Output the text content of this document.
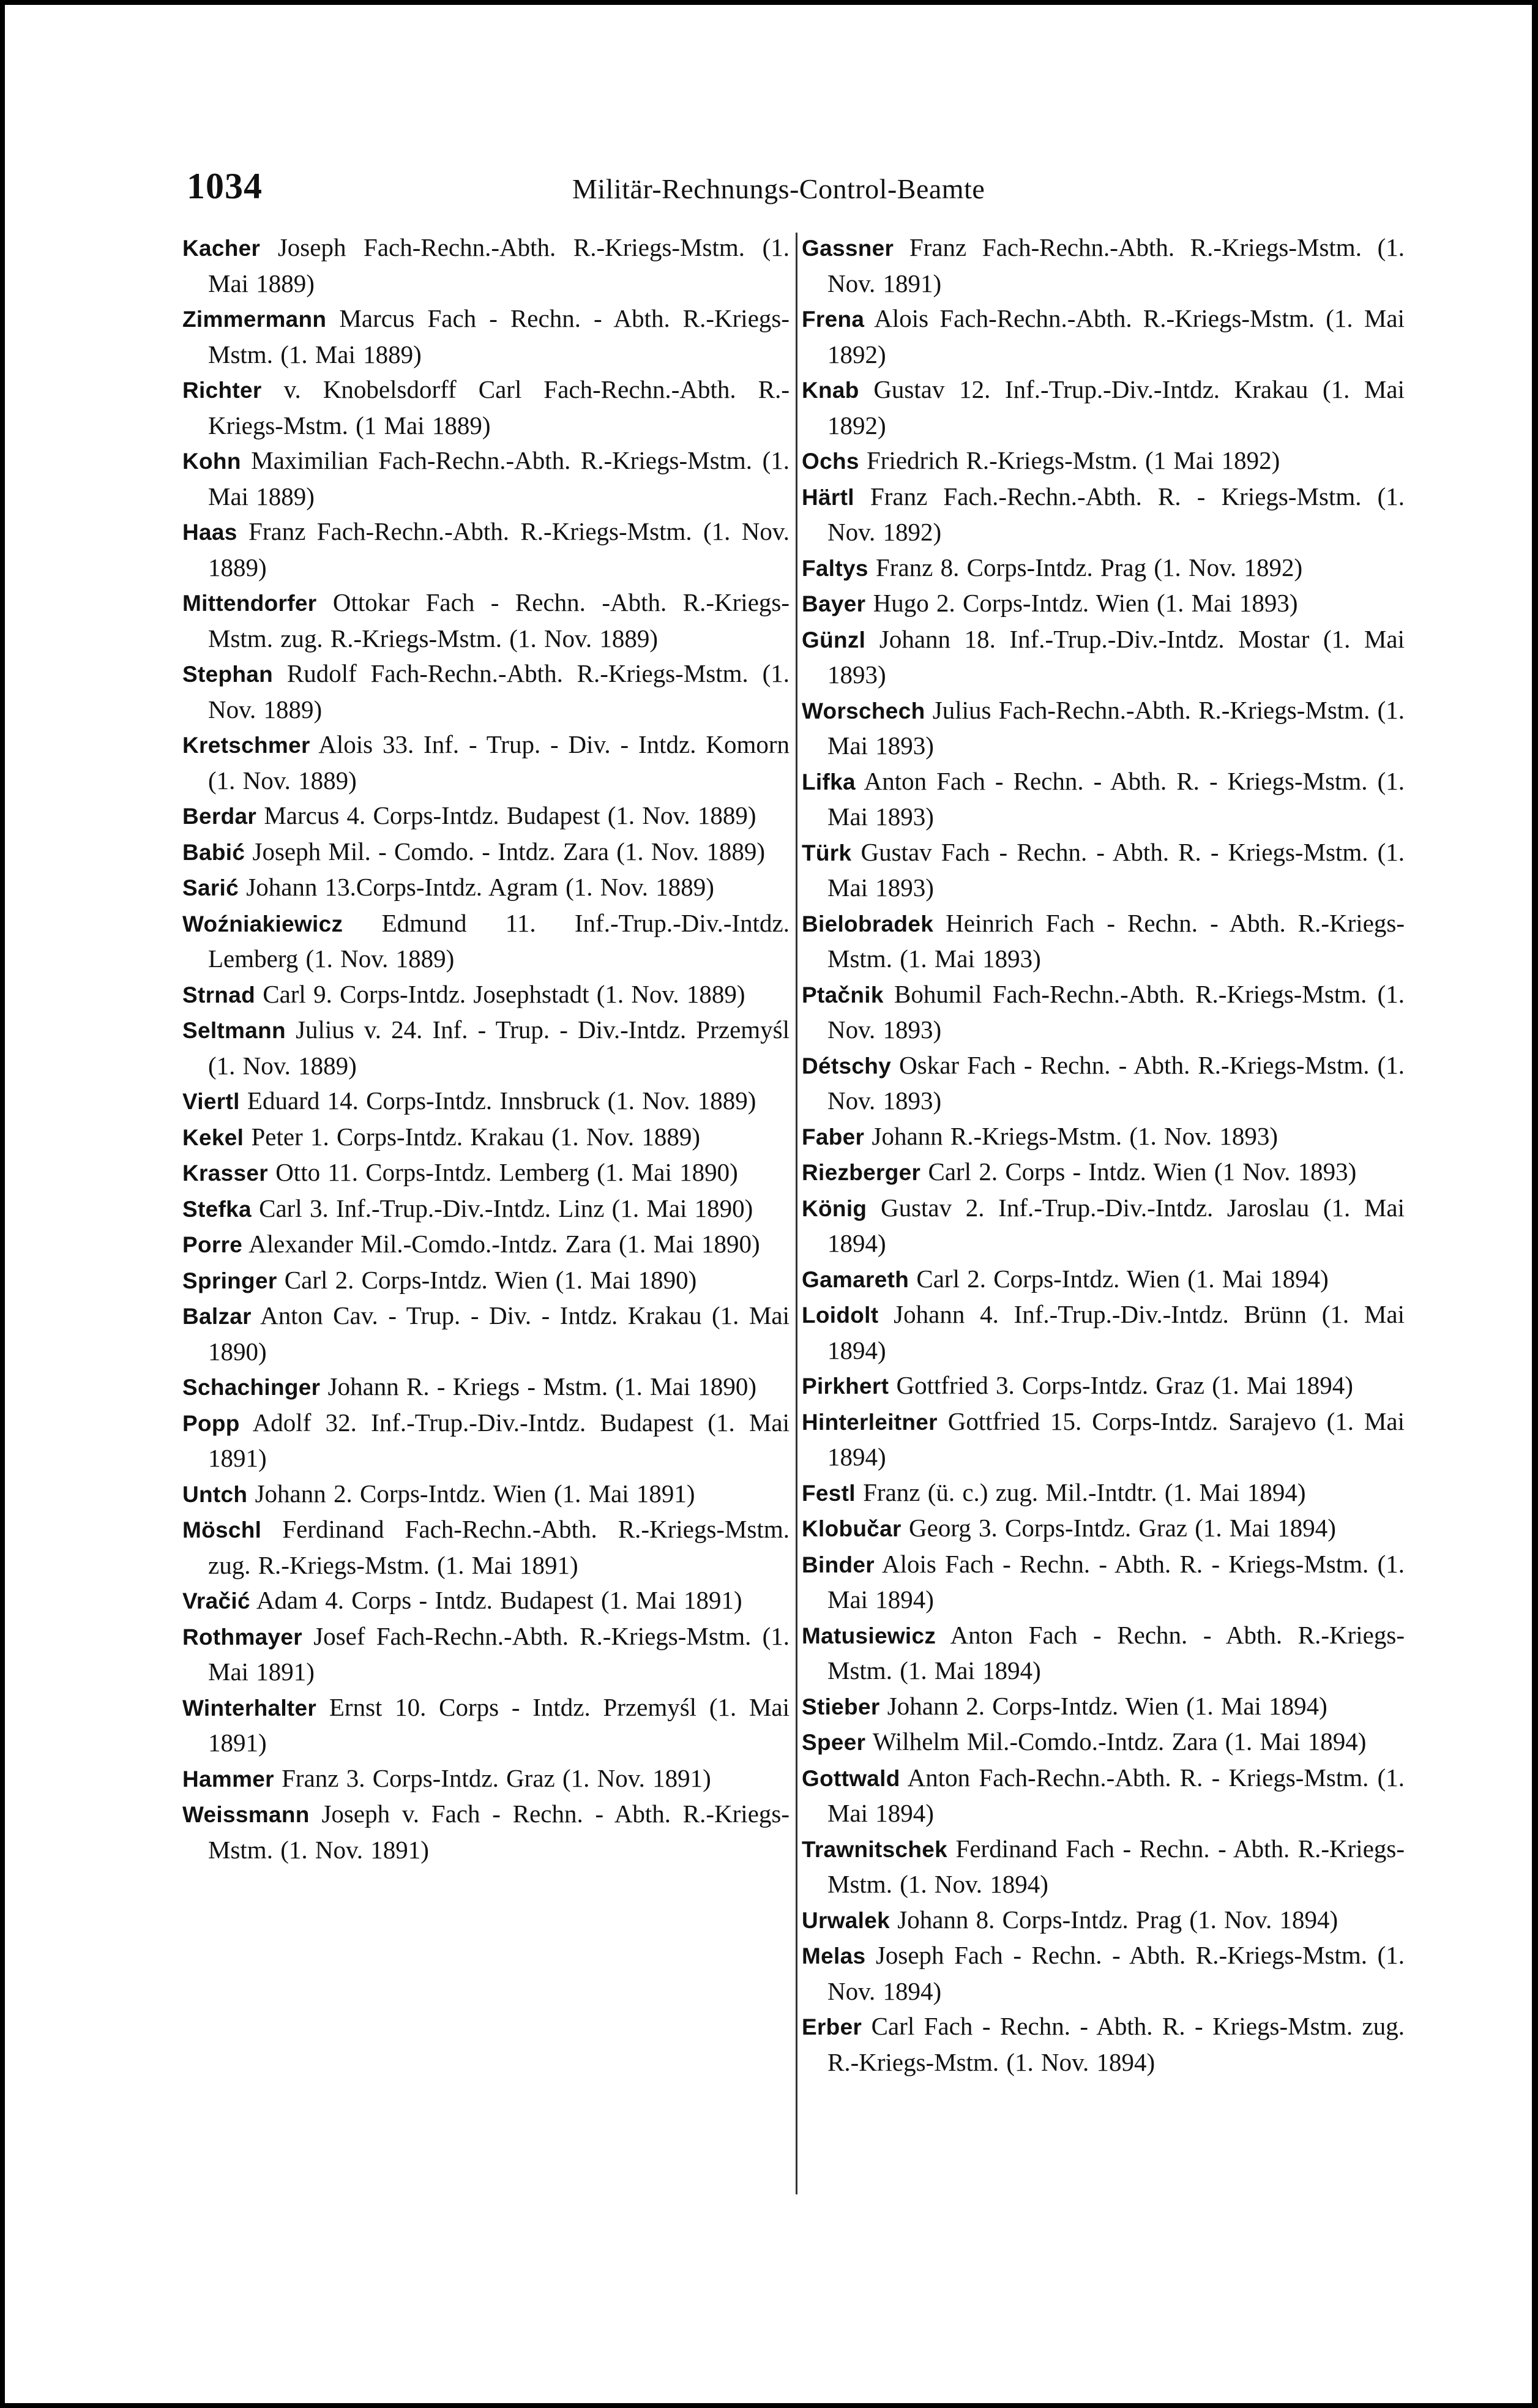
1034	Militär-Rechnungs-Control-Beamte
Kacher Joseph Fach-Rechn.-Abth. R.-Kriegs-Mstm. (1. Mai 1889)
Zimmermann Marcus Fach - Rechn. - Abth. R.-Kriegs-Mstm. (1. Mai 1889)
Richter v. Knobelsdorff Carl Fach-Rechn.-Abth. R.-Kriegs-Mstm. (1 Mai 1889)
Kohn Maximilian Fach-Rechn.-Abth. R.-Kriegs-Mstm. (1. Mai 1889)
Haas Franz Fach-Rechn.-Abth. R.-Kriegs-Mstm. (1. Nov. 1889)
Mittendorfer Ottokar Fach - Rechn. -Abth. R.-Kriegs-Mstm. zug. R.-Kriegs-Mstm. (1. Nov. 1889)
Stephan Rudolf Fach-Rechn.-Abth. R.-Kriegs-Mstm. (1. Nov. 1889)
Kretschmer Alois 33. Inf. - Trup. - Div. - Intdz. Komorn (1. Nov. 1889)
Berdar Marcus 4. Corps-Intdz. Budapest (1. Nov. 1889)
Babić Joseph Mil. - Comdo. - Intdz. Zara (1. Nov. 1889)
Sarić Johann 13.Corps-Intdz. Agram (1. Nov. 1889)
Woźniakiewicz Edmund 11. Inf.-Trup.-Div.-Intdz. Lemberg (1. Nov. 1889)
Strnad Carl 9. Corps-Intdz. Josephstadt (1. Nov. 1889)
Seltmann Julius v. 24. Inf. - Trup. - Div.-Intdz. Przemyśl (1. Nov. 1889)
Viertl Eduard 14. Corps-Intdz. Innsbruck (1. Nov. 1889)
Kekel Peter 1. Corps-Intdz. Krakau (1. Nov. 1889)
Krasser Otto 11. Corps-Intdz. Lemberg (1. Mai 1890)
Stefka Carl 3. Inf.-Trup.-Div.-Intdz. Linz (1. Mai 1890)
Porre Alexander Mil.-Comdo.-Intdz. Zara (1. Mai 1890)
Springer Carl 2. Corps-Intdz. Wien (1. Mai 1890)
Balzar Anton Cav. - Trup. - Div. - Intdz. Krakau (1. Mai 1890)
Schachinger Johann R. - Kriegs - Mstm. (1. Mai 1890)
Popp Adolf 32. Inf.-Trup.-Div.-Intdz. Budapest (1. Mai 1891)
Untch Johann 2. Corps-Intdz. Wien (1. Mai 1891)
Möschl Ferdinand Fach-Rechn.-Abth. R.-Kriegs-Mstm. zug. R.-Kriegs-Mstm. (1. Mai 1891)
Vračić Adam 4. Corps - Intdz. Budapest (1. Mai 1891)
Rothmayer Josef Fach-Rechn.-Abth. R.-Kriegs-Mstm. (1. Mai 1891)
Winterhalter Ernst 10. Corps - Intdz. Przemyśl (1. Mai 1891)
Hammer Franz 3. Corps-Intdz. Graz (1. Nov. 1891)
Weissmann Joseph v. Fach - Rechn. - Abth. R.-Kriegs-Mstm. (1. Nov. 1891)
Gassner Franz Fach-Rechn.-Abth. R.-Kriegs-Mstm. (1. Nov. 1891)
Frena Alois Fach-Rechn.-Abth. R.-Kriegs-Mstm. (1. Mai 1892)
Knab Gustav 12. Inf.-Trup.-Div.-Intdz. Krakau (1. Mai 1892)
Ochs Friedrich R.-Kriegs-Mstm. (1 Mai 1892)
Härtl Franz Fach.-Rechn.-Abth. R. - Kriegs-Mstm. (1. Nov. 1892)
Faltys Franz 8. Corps-Intdz. Prag (1. Nov. 1892)
Bayer Hugo 2. Corps-Intdz. Wien (1. Mai 1893)
Günzl Johann 18. Inf.-Trup.-Div.-Intdz. Mostar (1. Mai 1893)
Worschech Julius Fach-Rechn.-Abth. R.-Kriegs-Mstm. (1. Mai 1893)
Lifka Anton Fach - Rechn. - Abth. R. - Kriegs-Mstm. (1. Mai 1893)
Türk Gustav Fach - Rechn. - Abth. R. - Kriegs-Mstm. (1. Mai 1893)
Bielobradek Heinrich Fach - Rechn. - Abth. R.-Kriegs-Mstm. (1. Mai 1893)
Ptačnik Bohumil Fach-Rechn.-Abth. R.-Kriegs-Mstm. (1. Nov. 1893)
Détschy Oskar Fach - Rechn. - Abth. R.-Kriegs-Mstm. (1. Nov. 1893)
Faber Johann R.-Kriegs-Mstm. (1. Nov. 1893)
Riezberger Carl 2. Corps - Intdz. Wien (1 Nov. 1893)
König Gustav 2. Inf.-Trup.-Div.-Intdz. Jaroslau (1. Mai 1894)
Gamareth Carl 2. Corps-Intdz. Wien (1. Mai 1894)
Loidolt Johann 4. Inf.-Trup.-Div.-Intdz. Brünn (1. Mai 1894)
Pirkhert Gottfried 3. Corps-Intdz. Graz (1. Mai 1894)
Hinterleitner Gottfried 15. Corps-Intdz. Sarajevo (1. Mai 1894)
Festl Franz (ü. c.) zug. Mil.-Intdtr. (1. Mai 1894)
Klobučar Georg 3. Corps-Intdz. Graz (1. Mai 1894)
Binder Alois Fach - Rechn. - Abth. R. - Kriegs-Mstm. (1. Mai 1894)
Matusiewicz Anton Fach - Rechn. - Abth. R.-Kriegs-Mstm. (1. Mai 1894)
Stieber Johann 2. Corps-Intdz. Wien (1. Mai 1894)
Speer Wilhelm Mil.-Comdo.-Intdz. Zara (1. Mai 1894)
Gottwald Anton Fach-Rechn.-Abth. R. - Kriegs-Mstm. (1. Mai 1894)
Trawnitschek Ferdinand Fach - Rechn. - Abth. R.-Kriegs-Mstm. (1. Nov. 1894)
Urwalek Johann 8. Corps-Intdz. Prag (1. Nov. 1894)
Melas Joseph Fach - Rechn. - Abth. R.-Kriegs-Mstm. (1. Nov. 1894)
Erber Carl Fach - Rechn. - Abth. R. - Kriegs-Mstm. zug. R.-Kriegs-Mstm. (1. Nov. 1894)
